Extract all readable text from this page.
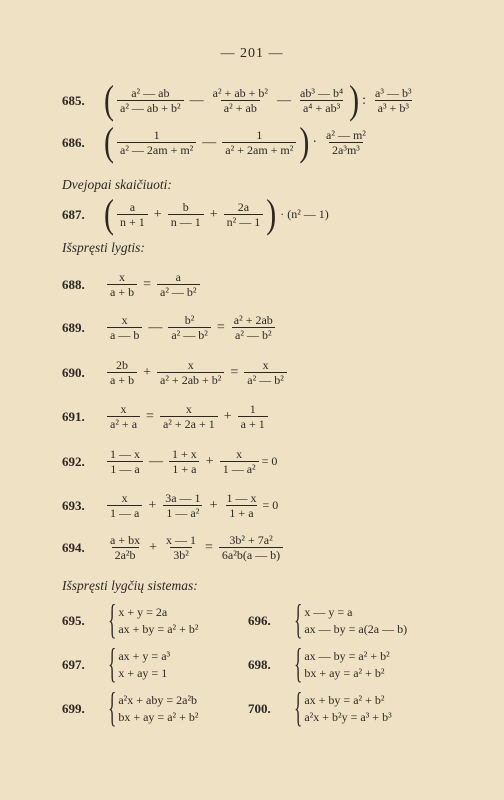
— 201 —
685. ( $\frac{\text{a² — ab}}{\text{a² — ab + b²}}$ — $\frac{\text{a² + ab + b²}}{\text{a² + ab}}$ — $\frac{\text{ab³ — b⁴}}{\text{a⁴ + ab³}}$ ) : $\frac{\text{a³ — b³}}{\text{a³ + b³}}$
686. ( $\frac{1}{\text{a² — 2am + m²}}$ — $\frac{1}{\text{a² + 2am + m²}}$ ) · $\frac{\text{a² — m²}}{\text{2a³m³}}$
Dvejopai skaičiuoti:
687. ( $\frac{a}{n + 1} + \frac{b}{n — 1} + \frac{2a}{\text{n² — 1}}$ ) · (n² — 1)
Išspręsti lygtis:
688.	$\frac{x}{a + b} = \frac{a}{\text{a² — b²}}$
689.	$\frac{x}{a — b}$ — $\frac{\text{b²}}{\text{a² — b²}} = \frac{\text{a² + 2ab}}{\text{a² — b²}}$
690.	$\frac{2b}{a + b} + \frac{x}{\text{a² + 2ab + b²}} = \frac{x}{\text{a² — b²}}$
691.	$\frac{x}{\text{a² + a}} = \frac{x}{\text{a² + 2a + 1}} + \frac{1}{a + 1}$
692.	$\frac{1 — x}{1 — a}$ — $\frac{1 + x}{1 + a} + \frac{x}{\text{1 — a²}} = 0$
693.	$\frac{x}{1 — a} + \frac{3a — 1}{\text{1 — a²}} + \frac{1 — x}{1 + a} = 0$
694.	$\frac{a + bx}{\text{2a²b}} + \frac{x — 1}{\text{3b²}} = \frac{\text{3b² + 7a²}}{\text{6a²b(a — b)}}$
Išspręsti lygčių sistemas:
695. { x + y = 2a
ax + by = a² + b²
696. { x — y = a
ax — by = a(2a — b)
697. { ax + y = a³
x + ay = 1
698. { ax — by = a² + b²
bx + ay = a² + b²
699. { a²x + aby = 2a²b
bx + ay = a² + b²
700. { ax + by = a² + b²
a²x + b²y = a³ + b³
